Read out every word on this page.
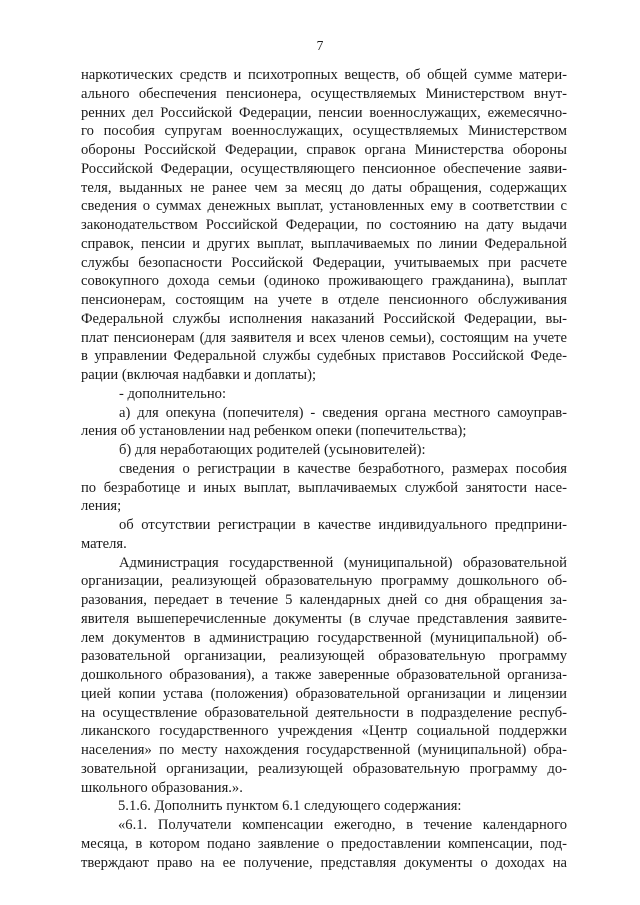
7
наркотических средств и психотропных веществ, об общей сумме матери-
ального обеспечения пенсионера, осуществляемых Министерством внут-
ренних дел Российской Федерации, пенсии военнослужащих, ежемесячно-
го пособия супругам военнослужащих, осуществляемых Министерством
обороны Российской Федерации, справок органа Министерства обороны
Российской Федерации, осуществляющего пенсионное обеспечение заяви-
теля, выданных не ранее чем за месяц до даты обращения, содержащих
сведения о суммах денежных выплат, установленных ему в соответствии с
законодательством Российской Федерации, по состоянию на дату выдачи
справок, пенсии и других выплат, выплачиваемых по линии Федеральной
службы безопасности Российской Федерации, учитываемых при расчете
совокупного дохода семьи (одиноко проживающего гражданина), выплат
пенсионерам, состоящим на учете в отделе пенсионного обслуживания
Федеральной службы исполнения наказаний Российской Федерации, вы-
плат пенсионерам (для заявителя и всех членов семьи), состоящим на учете
в управлении Федеральной службы судебных приставов Российской Феде-
рации (включая надбавки и доплаты);
- дополнительно:
а) для опекуна (попечителя) - сведения органа местного самоуправ-
ления об установлении над ребенком опеки (попечительства);
б) для неработающих родителей (усыновителей):
сведения о регистрации в качестве безработного, размерах пособия
по безработице и иных выплат, выплачиваемых службой занятости насе-
ления;
об отсутствии регистрации в качестве индивидуального предприни-
мателя.
Администрация государственной (муниципальной) образовательной
организации, реализующей образовательную программу дошкольного об-
разования, передает в течение 5 календарных дней со дня обращения за-
явителя вышеперечисленные документы (в случае представления заявите-
лем документов в администрацию государственной (муниципальной) об-
разовательной организации, реализующей образовательную программу
дошкольного образования), а также заверенные образовательной организа-
цией копии устава (положения) образовательной организации и лицензии
на осуществление образовательной деятельности в подразделение респуб-
ликанского государственного учреждения «Центр социальной поддержки
населения» по месту нахождения государственной (муниципальной) обра-
зовательной организации, реализующей образовательную программу до-
школьного образования.».
5.1.6. Дополнить пунктом 6.1 следующего содержания:
«6.1. Получатели компенсации ежегодно, в течение календарного
месяца, в котором подано заявление о предоставлении компенсации, под-
тверждают право на ее получение, представляя документы о доходах на
